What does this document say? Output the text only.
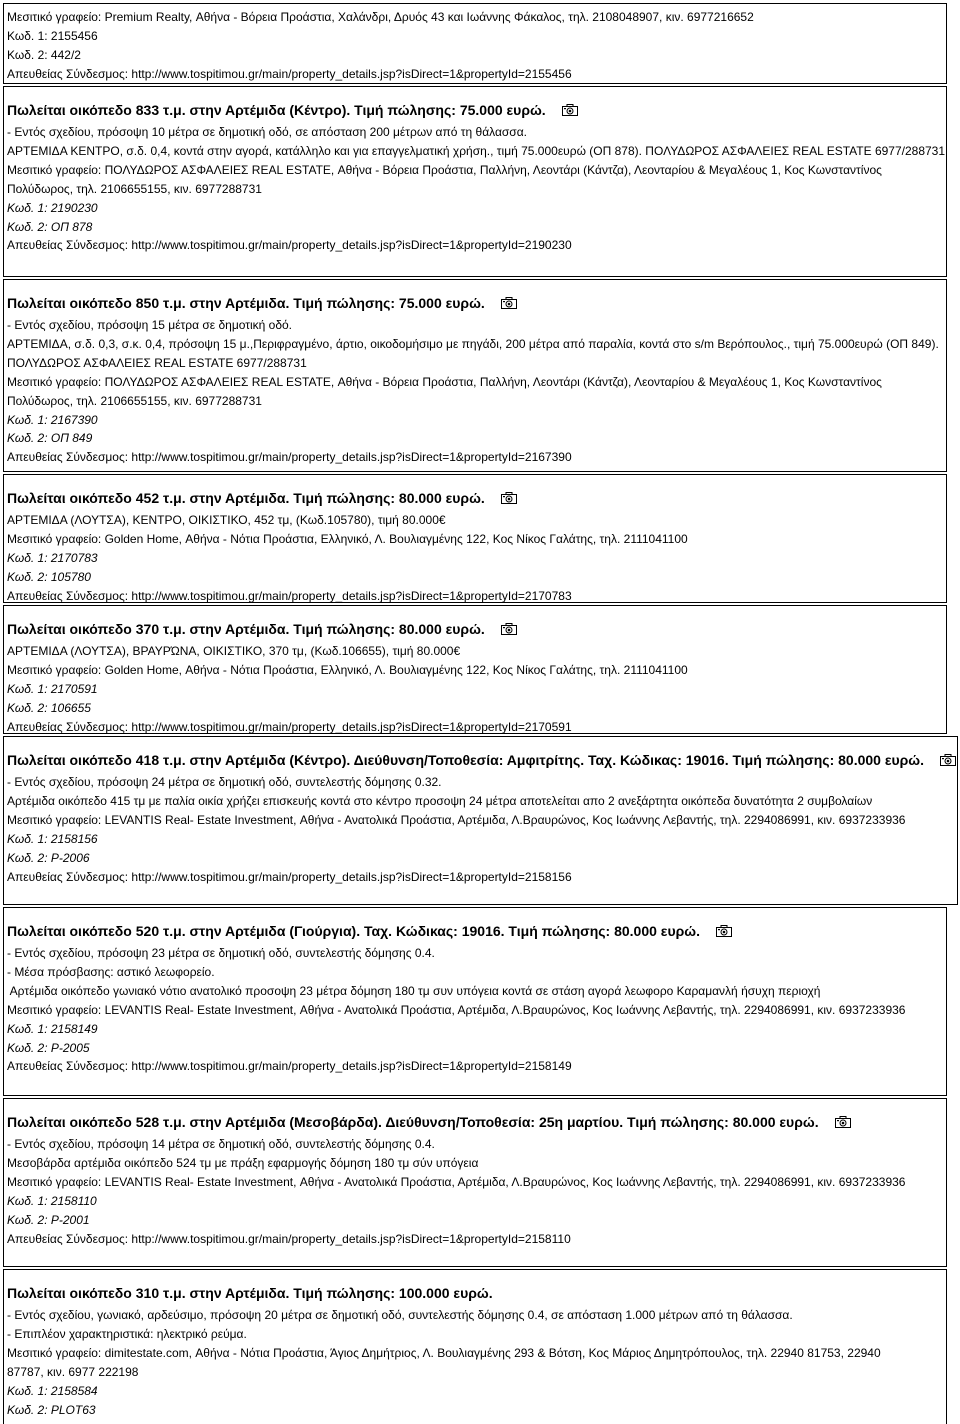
Μεσιτικό γραφείο: Premium Realty, Αθήνα - Βόρεια Προάστια, Χαλάνδρι, Δρυός 43 και Ιωάννης Φάκαλος, τηλ. 2108048907, κιν. 6977216652
Κωδ. 1: 2155456
Κωδ. 2: 442/2
Απευθείας Σύνδεσμος: http://www.tospitimou.gr/main/property_details.jsp?isDirect=1&propertyId=2155456
Πωλείται οικόπεδο 833 τ.μ. στην Αρτέμιδα (Κέντρο). Τιμή πώλησης: 75.000 ευρώ.
- Εντός σχεδίου, πρόσοψη 10 μέτρα σε δημοτική οδό, σε απόσταση 200 μέτρων από τη θάλασσα.
ΑΡΤΕΜΙΔΑ ΚΕΝΤΡΟ, σ.δ. 0,4, κοντά στην αγορά, κατάλληλο και για επαγγελματική χρήση., τιμή 75.000ευρώ (ΟΠ 878). ΠΟΛΥΔΩΡΟΣ ΑΣΦΑΛΕΙΕΣ REAL ESTATE 6977/288731
Μεσιτικό γραφείο: ΠΟΛΥΔΩΡΟΣ ΑΣΦΑΛΕΙΕΣ REAL ESTATE, Αθήνα - Βόρεια Προάστια, Παλλήνη, Λεοντάρι (Κάντζα), Λεονταρίου & Μεγαλέους 1, Κος Κωνσταντίνος Πολύδωρος, τηλ. 2106655155, κιν. 6977288731
Κωδ. 1: 2190230
Κωδ. 2: ΟΠ 878
Απευθείας Σύνδεσμος: http://www.tospitimou.gr/main/property_details.jsp?isDirect=1&propertyId=2190230
Πωλείται οικόπεδο 850 τ.μ. στην Αρτέμιδα. Τιμή πώλησης: 75.000 ευρώ.
- Εντός σχεδίου, πρόσοψη 15 μέτρα σε δημοτική οδό.
ΑΡΤΕΜΙΔΑ, σ.δ. 0,3, σ.κ. 0,4, πρόσοψη 15 μ.,Περιφραγμένο, άρτιο, οικοδομήσιμο με πηγάδι, 200 μέτρα από παραλία, κοντά στο s/m Βερόπουλος., τιμή 75.000ευρώ (ΟΠ 849). ΠΟΛΥΔΩΡΟΣ ΑΣΦΑΛΕΙΕΣ REAL ESTATE 6977/288731
Μεσιτικό γραφείο: ΠΟΛΥΔΩΡΟΣ ΑΣΦΑΛΕΙΕΣ REAL ESTATE, Αθήνα - Βόρεια Προάστια, Παλλήνη, Λεοντάρι (Κάντζα), Λεονταρίου & Μεγαλέους 1, Κος Κωνσταντίνος Πολύδωρος, τηλ. 2106655155, κιν. 6977288731
Κωδ. 1: 2167390
Κωδ. 2: ΟΠ 849
Απευθείας Σύνδεσμος: http://www.tospitimou.gr/main/property_details.jsp?isDirect=1&propertyId=2167390
Πωλείται οικόπεδο 452 τ.μ. στην Αρτέμιδα. Τιμή πώλησης: 80.000 ευρώ.
ΑΡΤΕΜΙΔΑ (ΛΟΥΤΣΑ), ΚΕΝΤΡΟ, ΟΙΚΙΣΤΙΚΟ, 452 τμ, (Κωδ.105780), τιμή 80.000€
Μεσιτικό γραφείο: Golden Home, Αθήνα - Νότια Προάστια, Ελληνικό, Λ. Βουλιαγμένης 122, Κος Νίκος Γαλάτης, τηλ. 2111041100
Κωδ. 1: 2170783
Κωδ. 2: 105780
Απευθείας Σύνδεσμος: http://www.tospitimou.gr/main/property_details.jsp?isDirect=1&propertyId=2170783
Πωλείται οικόπεδο 370 τ.μ. στην Αρτέμιδα. Τιμή πώλησης: 80.000 ευρώ.
ΑΡΤΕΜΙΔΑ (ΛΟΥΤΣΑ), ΒΡΑΥΡΏΝΑ, ΟΙΚΙΣΤΙΚΟ, 370 τμ, (Κωδ.106655), τιμή 80.000€
Μεσιτικό γραφείο: Golden Home, Αθήνα - Νότια Προάστια, Ελληνικό, Λ. Βουλιαγμένης 122, Κος Νίκος Γαλάτης, τηλ. 2111041100
Κωδ. 1: 2170591
Κωδ. 2: 106655
Απευθείας Σύνδεσμος: http://www.tospitimou.gr/main/property_details.jsp?isDirect=1&propertyId=2170591
Πωλείται οικόπεδο 418 τ.μ. στην Αρτέμιδα (Κέντρο). Διεύθυνση/Τοποθεσία: Αμφιτρίτης. Ταχ. Κώδικας: 19016. Τιμή πώλησης: 80.000 ευρώ.
- Εντός σχεδίου, πρόσοψη 24 μέτρα σε δημοτική οδό, συντελεστής δόμησης 0.32.
Αρτέμιδα οικόπεδο 415 τμ με παλία οικία χρήζει επισκευής κοντά στο κέντρο προσοψη 24 μέτρα αποτελείται απο 2 ανεξάρτητα οικόπεδα δυνατότητα 2 συμβολαίων
Μεσιτικό γραφείο: LEVANTIS Real- Estate Investment, Αθήνα - Ανατολικά Προάστια, Αρτέμιδα, Λ.Βραυρώνος, Κος Ιωάννης Λεβαντής, τηλ. 2294086991, κιν. 6937233936
Κωδ. 1: 2158156
Κωδ. 2: P-2006
Απευθείας Σύνδεσμος: http://www.tospitimou.gr/main/property_details.jsp?isDirect=1&propertyId=2158156
Πωλείται οικόπεδο 520 τ.μ. στην Αρτέμιδα (Γιούργια). Ταχ. Κώδικας: 19016. Τιμή πώλησης: 80.000 ευρώ.
- Εντός σχεδίου, πρόσοψη 23 μέτρα σε δημοτική οδό, συντελεστής δόμησης 0.4.
- Μέσα πρόσβασης: αστικό λεωφορείο.
Αρτέμιδα οικόπεδο γωνιακό νότιο ανατολικό προσοψη 23 μέτρα δόμηση 180 τμ συν υπόγεια κοντά σε στάση αγορά λεωφορο Καραμανλή ήσυχη περιοχή
Μεσιτικό γραφείο: LEVANTIS Real- Estate Investment, Αθήνα - Ανατολικά Προάστια, Αρτέμιδα, Λ.Βραυρώνος, Κος Ιωάννης Λεβαντής, τηλ. 2294086991, κιν. 6937233936
Κωδ. 1: 2158149
Κωδ. 2: P-2005
Απευθείας Σύνδεσμος: http://www.tospitimou.gr/main/property_details.jsp?isDirect=1&propertyId=2158149
Πωλείται οικόπεδο 528 τ.μ. στην Αρτέμιδα (Μεσοβάρδα). Διεύθυνση/Τοποθεσία: 25η μαρτίου. Τιμή πώλησης: 80.000 ευρώ.
- Εντός σχεδίου, πρόσοψη 14 μέτρα σε δημοτική οδό, συντελεστής δόμησης 0.4.
Μεσοβάρδα αρτέμιδα οικόπεδο 524 τμ με πράξη εφαρμογής δόμηση 180 τμ σύν υπόγεια
Μεσιτικό γραφείο: LEVANTIS Real- Estate Investment, Αθήνα - Ανατολικά Προάστια, Αρτέμιδα, Λ.Βραυρώνος, Κος Ιωάννης Λεβαντής, τηλ. 2294086991, κιν. 6937233936
Κωδ. 1: 2158110
Κωδ. 2: P-2001
Απευθείας Σύνδεσμος: http://www.tospitimou.gr/main/property_details.jsp?isDirect=1&propertyId=2158110
Πωλείται οικόπεδο 310 τ.μ. στην Αρτέμιδα. Τιμή πώλησης: 100.000 ευρώ.
- Εντός σχεδίου, γωνιακό, αρδεύσιμο, πρόσοψη 20 μέτρα σε δημοτική οδό, συντελεστής δόμησης 0.4, σε απόσταση 1.000 μέτρων από τη θάλασσα.
- Επιπλέον χαρακτηριστικά: ηλεκτρικό ρεύμα.
Μεσιτικό γραφείο: dimitestate.com, Αθήνα - Νότια Προάστια, Άγιος Δημήτριος, Λ. Βουλιαγμένης 293 & Βότση, Κος Μάριος Δημητρόπουλος, τηλ. 22940 81753, 22940 87787, κιν. 6977 222198
Κωδ. 1: 2158584
Κωδ. 2: PLOT63
